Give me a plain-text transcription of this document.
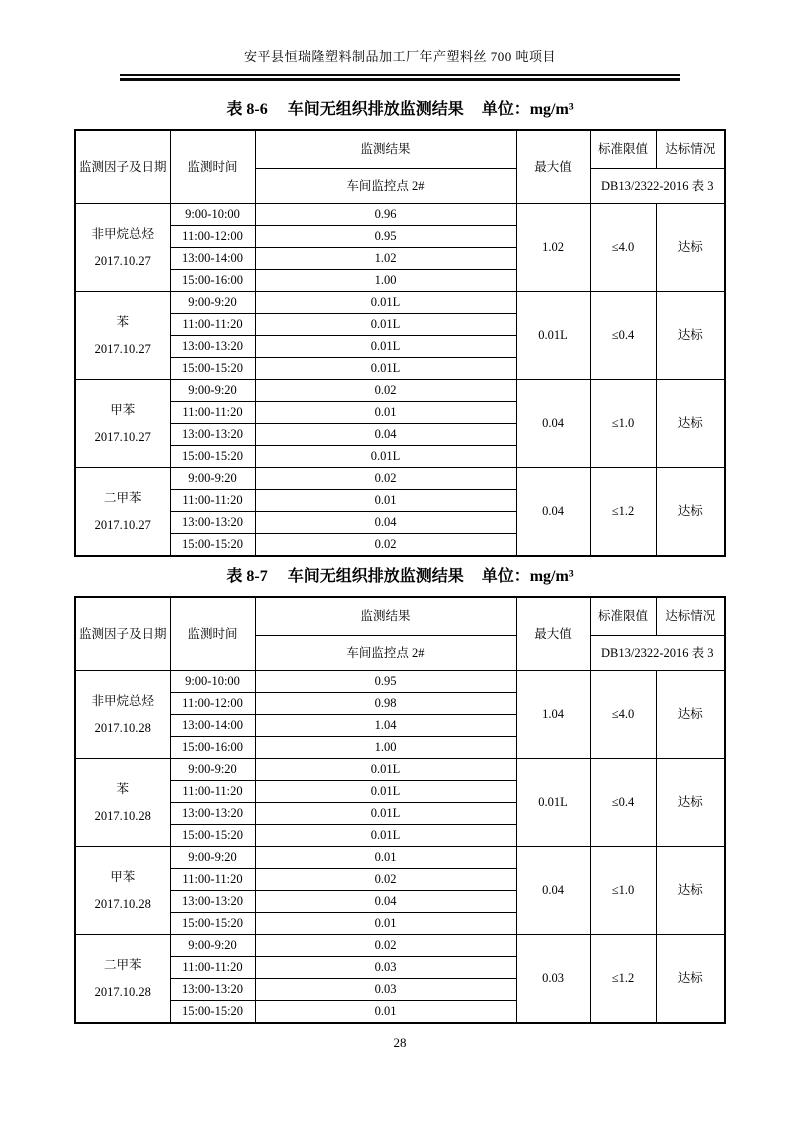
安平县恒瑞隆塑料制品加工厂年产塑料丝 700 吨项目
表 8-6 车间无组织排放监测结果 单位：mg/m³
监测因子及日期	监测时间	监测结果	最大值	标准限值	达标情况
		车间监控点 2#		DB13/2322-2016 表 3	

非甲烷总烃
2017.10.27	9:00-10:00	0.96	1.02	≤4.0	达标
	11:00-12:00	0.95			
	13:00-14:00	1.02			
	15:00-16:00	1.00			

苯
2017.10.27	9:00-9:20	0.01L	0.01L	≤0.4	达标
	11:00-11:20	0.01L			
	13:00-13:20	0.01L			
	15:00-15:20	0.01L			

甲苯
2017.10.27	9:00-9:20	0.02	0.04	≤1.0	达标
	11:00-11:20	0.01			
	13:00-13:20	0.04			
	15:00-15:20	0.01L			

二甲苯
2017.10.27	9:00-9:20	0.02	0.04	≤1.2	达标
	11:00-11:20	0.01			
	13:00-13:20	0.04			
	15:00-15:20	0.02			
表 8-7 车间无组织排放监测结果 单位：mg/m³
监测因子及日期	监测时间	监测结果	最大值	标准限值	达标情况
		车间监控点 2#		DB13/2322-2016 表 3	

非甲烷总烃
2017.10.28	9:00-10:00	0.95	1.04	≤4.0	达标
	11:00-12:00	0.98			
	13:00-14:00	1.04			
	15:00-16:00	1.00			

苯
2017.10.28	9:00-9:20	0.01L	0.01L	≤0.4	达标
	11:00-11:20	0.01L			
	13:00-13:20	0.01L			
	15:00-15:20	0.01L			

甲苯
2017.10.28	9:00-9:20	0.01	0.04	≤1.0	达标
	11:00-11:20	0.02			
	13:00-13:20	0.04			
	15:00-15:20	0.01			

二甲苯
2017.10.28	9:00-9:20	0.02	0.03	≤1.2	达标
	11:00-11:20	0.03			
	13:00-13:20	0.03			
	15:00-15:20	0.01			
28
